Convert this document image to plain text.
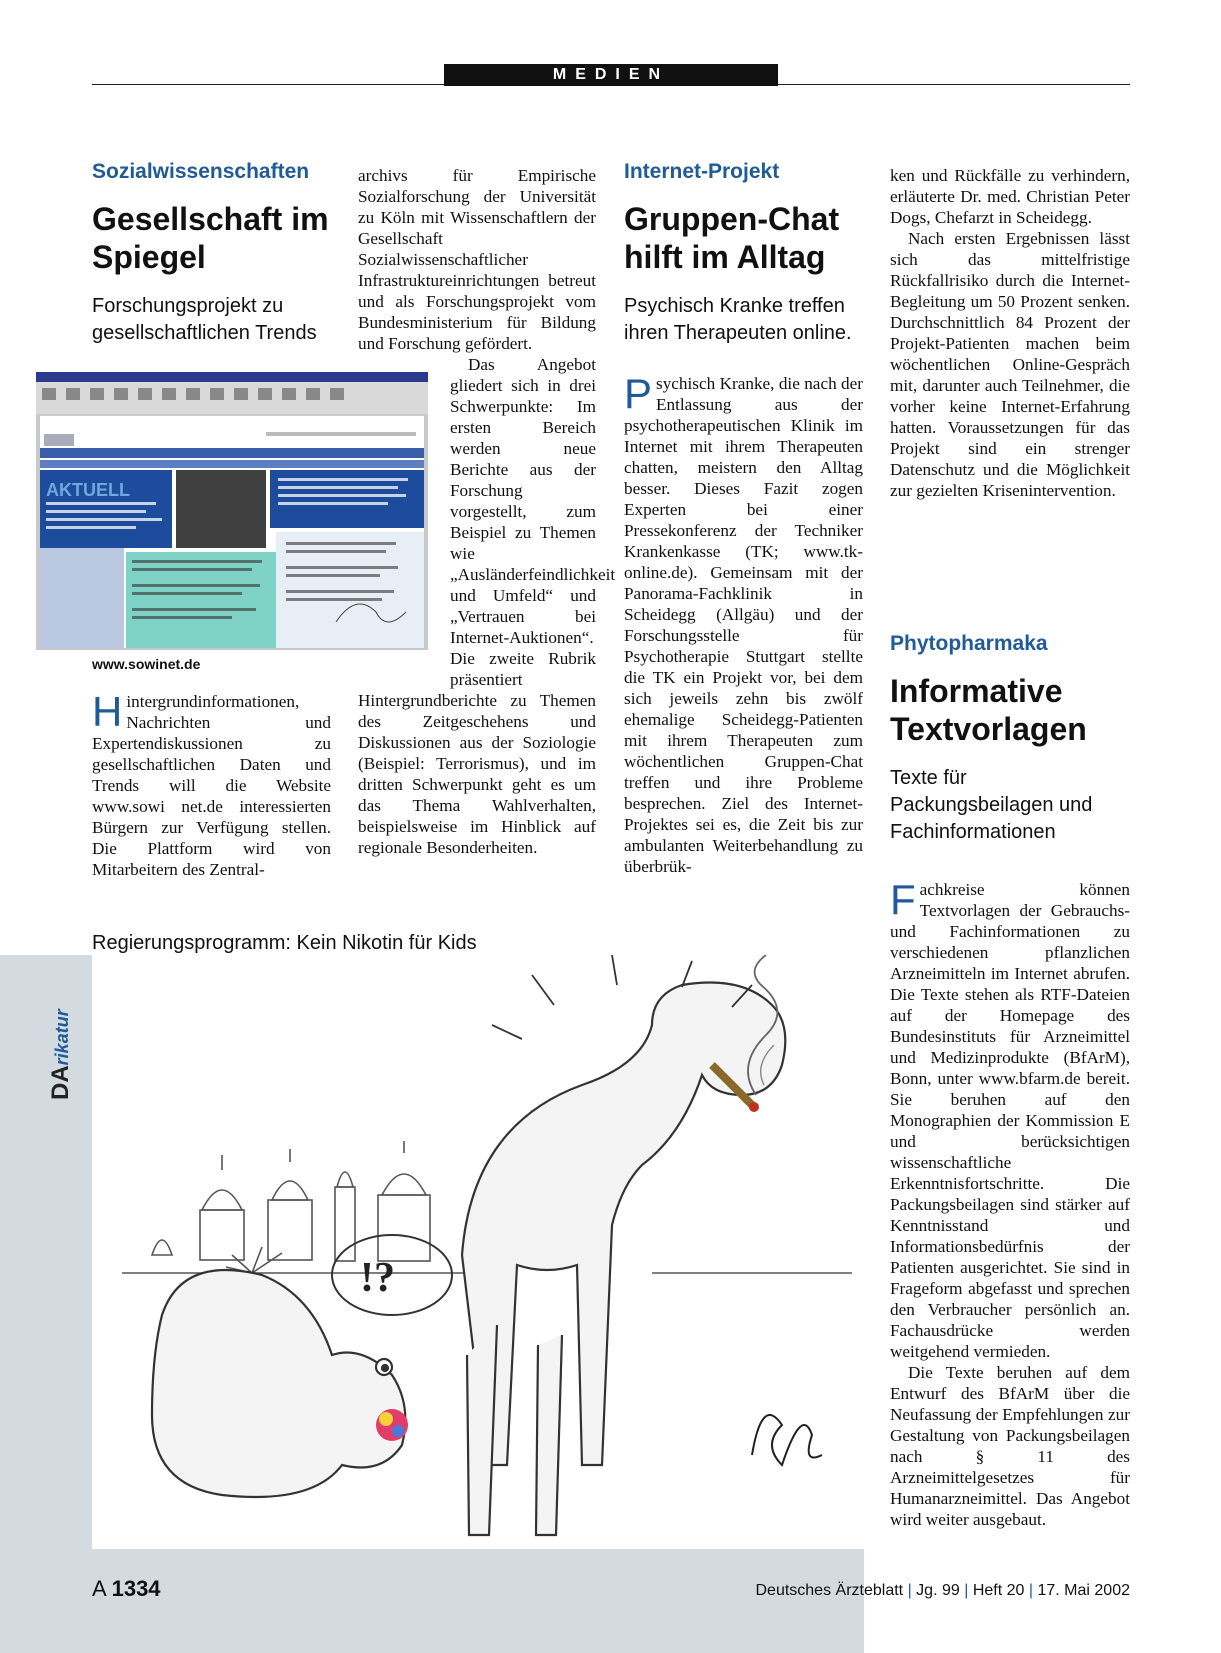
MEDIEN
Sozialwissenschaften
Gesellschaft im
Spiegel
Forschungsprojekt zu
gesellschaftlichen Trends
AKTUELL
www.sowinet.de

Hintergrundinformationen, Nachrichten und Expertendiskussionen zu gesellschaftlichen Daten und Trends will die Website www.sowi net.de interessierten Bürgern zur Verfügung stellen. Die Plattform wird von Mitarbeitern des Zentral-

archivs für Empirische Sozialforschung der Universität zu Köln mit Wissenschaftlern der Gesellschaft Sozialwissenschaftlicher Infrastruktureinrichtungen betreut und als Forschungsprojekt vom Bundesministerium für Bildung und Forschung gefördert.

Das Angebot gliedert sich in drei Schwerpunkte: Im ersten Bereich werden neue Berichte aus der Forschung vorgestellt, zum Beispiel zu Themen wie „Ausländerfeindlichkeit und Umfeld“ und „Vertrauen bei Internet-Auktionen“. Die zweite Rubrik präsentiert

Hintergrundberichte zu Themen des Zeitgeschehens und Diskussionen aus der Soziologie (Beispiel: Terrorismus), und im dritten Schwerpunkt geht es um das Thema Wahlverhalten, beispielsweise im Hinblick auf regionale Besonderheiten.

Internet-Projekt
Gruppen-Chat
hilft im Alltag
Psychisch Kranke treffen
ihren Therapeuten online.

Psychisch Kranke, die nach der Entlassung aus der psychotherapeutischen Klinik im Internet mit ihrem Therapeuten chatten, meistern den Alltag besser. Dieses Fazit zogen Experten bei einer Pressekonferenz der Techniker Krankenkasse (TK; www.tk-online.de). Gemeinsam mit der Panorama-Fachklinik in Scheidegg (Allgäu) und der Forschungsstelle für Psychotherapie Stuttgart stellte die TK ein Projekt vor, bei dem sich jeweils zehn bis zwölf ehemalige Scheidegg-Patienten mit ihrem Therapeuten zum wöchentlichen Gruppen-Chat treffen und ihre Probleme besprechen. Ziel des Internet-Projektes sei es, die Zeit bis zur ambulanten Weiterbehandlung zu überbrük-

ken und Rückfälle zu verhindern, erläuterte Dr. med. Christian Peter Dogs, Chefarzt in Scheidegg.

Nach ersten Ergebnissen lässt sich das mittelfristige Rückfallrisiko durch die Internet-Begleitung um 50 Prozent senken. Durchschnittlich 84 Prozent der Projekt-Patienten machen beim wöchentlichen Online-Gespräch mit, darunter auch Teilnehmer, die vorher keine Internet-Erfahrung hatten. Voraussetzungen für das Projekt sind ein strenger Datenschutz und die Möglichkeit zur gezielten Krisenintervention.

Phytopharmaka
Informative
Textvorlagen
Texte für
Packungsbeilagen und
Fachinformationen

Fachkreise können Textvorlagen der Gebrauchs- und Fachinformationen zu verschiedenen pflanzlichen Arzneimitteln im Internet abrufen. Die Texte stehen als RTF-Dateien auf der Homepage des Bundesinstituts für Arzneimittel und Medizinprodukte (BfArM), Bonn, unter www.bfarm.de bereit. Sie beruhen auf den Monographien der Kommission E und berücksichtigen wissenschaftliche Erkenntnisfortschritte. Die Packungsbeilagen sind stärker auf Kenntnisstand und Informationsbedürfnis der Patienten ausgerichtet. Sie sind in Frageform abgefasst und sprechen den Verbraucher persönlich an. Fachausdrücke werden weitgehend vermieden.

Die Texte beruhen auf dem Entwurf des BfArM über die Neufassung der Empfehlungen zur Gestaltung von Packungsbeilagen nach § 11 des Arzneimittelgesetzes für Humanarzneimittel. Das Angebot wird weiter ausgebaut.

Regierungsprogramm: Kein Nikotin für Kids
DArikatur
!?
A 1334	Deutsches Ärzteblatt | Jg. 99 | Heft 20 | 17. Mai 2002
